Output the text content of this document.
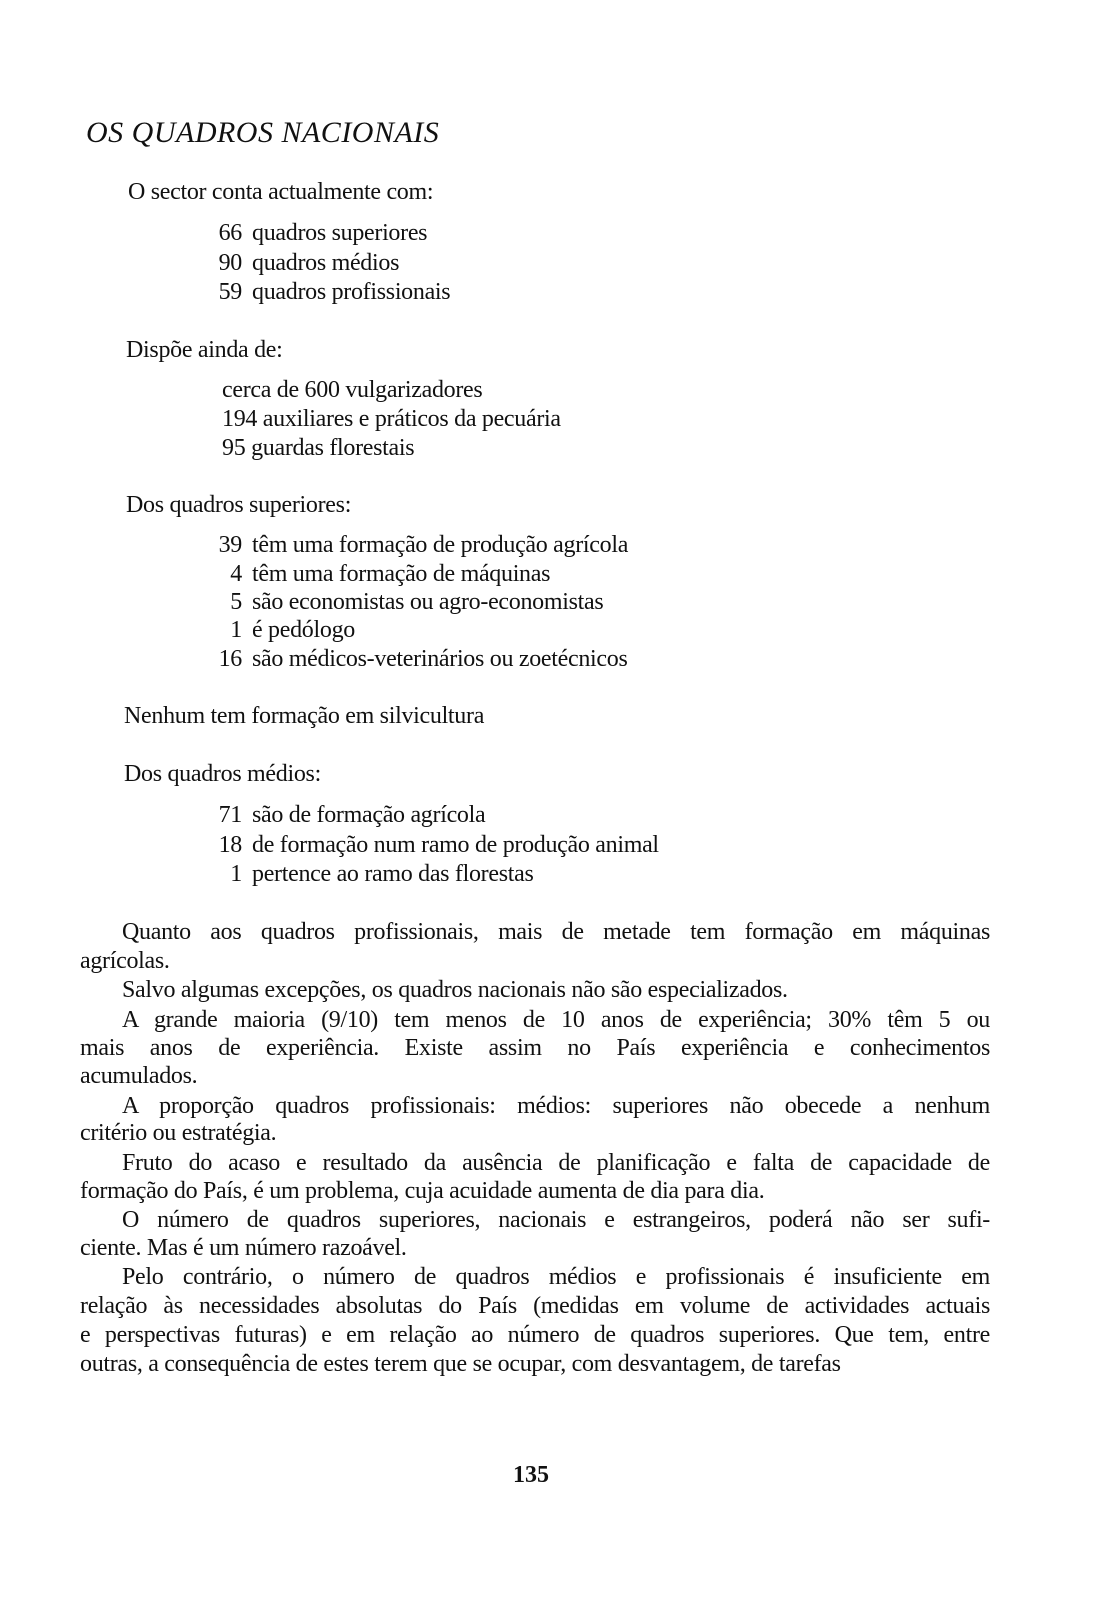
OS QUADROS NACIONAIS
O sector conta actualmente com:
66 quadros superiores
90 quadros médios
59 quadros profissionais
Dispõe ainda de:
cerca de 600 vulgarizadores
194 auxiliares e práticos da pecuária
95 guardas florestais
Dos quadros superiores:
39 têm uma formação de produção agrícola
4 têm uma formação de máquinas
5 são economistas ou agro-economistas
1 é pedólogo
16 são médicos-veterinários ou zoetécnicos
Nenhum tem formação em silvicultura
Dos quadros médios:
71 são de formação agrícola
18 de formação num ramo de produção animal
1 pertence ao ramo das florestas
Quanto aos quadros profissionais, mais de metade tem formação em máquinas
agrícolas.
Salvo algumas excepções, os quadros nacionais não são especializados.
A grande maioria (9/10) tem menos de 10 anos de experiência; 30% têm 5 ou
mais anos de experiência. Existe assim no País experiência e conhecimentos
acumulados.
A proporção quadros profissionais: médios: superiores não obecede a nenhum
critério ou estratégia.
Fruto do acaso e resultado da ausência de planificação e falta de capacidade de
formação do País, é um problema, cuja acuidade aumenta de dia para dia.
O número de quadros superiores, nacionais e estrangeiros, poderá não ser sufi-
ciente. Mas é um número razoável.
Pelo contrário, o número de quadros médios e profissionais é insuficiente em
relação às necessidades absolutas do País (medidas em volume de actividades actuais
e perspectivas futuras) e em relação ao número de quadros superiores. Que tem, entre
outras, a consequência de estes terem que se ocupar, com desvantagem, de tarefas
135
